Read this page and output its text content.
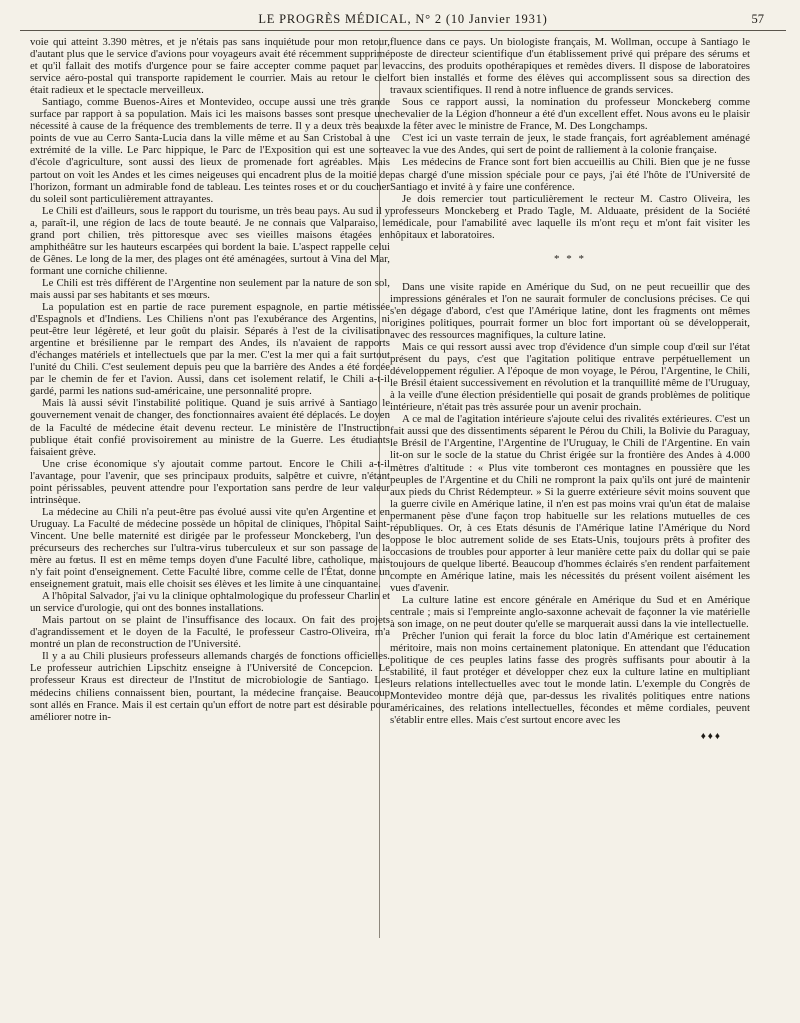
LE PROGRÈS MÉDICAL, N° 2 (10 Janvier 1931)	57

voie qui atteint 3.390 mètres, et je n'étais pas sans inquiétude pour mon retour, d'autant plus que le service d'avions pour voyageurs avait été récemment supprimé et qu'il fallait des motifs d'urgence pour se faire accepter comme paquet par le service aéro-postal qui transporte rapidement le courrier. Mais au retour le ciel était radieux et le spectacle merveilleux.

Santiago, comme Buenos-Aires et Montevideo, occupe aussi une très grande surface par rapport à sa population. Mais ici les maisons basses sont presque une nécessité à cause de la fréquence des tremblements de terre. Il y a deux très beaux points de vue au Cerro Santa-Lucia dans la ville même et au San Cristobal à une extrémité de la ville. Le Parc hippique, le Parc de l'Exposition qui est une sorte d'école d'agriculture, sont aussi des lieux de promenade fort agréables. Mais partout on voit les Andes et les cimes neigeuses qui encadrent plus de la moitié de l'horizon, formant un admirable fond de tableau. Les teintes roses et or du coucher du soleil sont particulièrement attrayantes.

Le Chili est d'ailleurs, sous le rapport du tourisme, un très beau pays. Au sud il y a, paraît-il, une région de lacs de toute beauté. Je ne connais que Valparaiso, le grand port chilien, très pittoresque avec ses vieilles maisons étagées en amphithéâtre sur les hauteurs escarpées qui bordent la baie. L'aspect rappelle celui de Gênes. Le long de la mer, des plages ont été aménagées, surtout à Vina del Mar, formant une corniche chilienne.

Le Chili est très différent de l'Argentine non seulement par la nature de son sol, mais aussi par ses habitants et ses mœurs.

La population est en partie de race purement espagnole, en partie métissée d'Espagnols et d'Indiens. Les Chiliens n'ont pas l'exubérance des Argentins, ni peut-être leur légèreté, et leur goût du plaisir. Séparés à l'est de la civilisation argentine et brésilienne par le rempart des Andes, ils n'avaient de rapports d'échanges matériels et intellectuels que par la mer. C'est la mer qui a fait surtout l'unité du Chili. C'est seulement depuis peu que la barrière des Andes a été forcée par le chemin de fer et l'avion. Aussi, dans cet isolement relatif, le Chili a-t-il gardé, parmi les nations sud-américaine, une personnalité propre.

Mais là aussi sévit l'instabilité politique. Quand je suis arrivé à Santiago le gouvernement venait de changer, des fonctionnaires avaient été déplacés. Le doyen de la Faculté de médecine était devenu recteur. Le ministère de l'Instruction publique était confié provisoirement au ministre de la Guerre. Les étudiants faisaient grève.

Une crise économique s'y ajoutait comme partout. Encore le Chili a-t-il l'avantage, pour l'avenir, que ses principaux produits, salpêtre et cuivre, n'étant point périssables, peuvent attendre pour l'exportation sans perdre de leur valeur intrinsèque.

La médecine au Chili n'a peut-être pas évolué aussi vite qu'en Argentine et en Uruguay. La Faculté de médecine possède un hôpital de cliniques, l'hôpital Saint-Vincent. Une belle maternité est dirigée par le professeur Monckeberg, l'un des précurseurs des recherches sur l'ultra-virus tuberculeux et sur son passage de la mère au fœtus. Il est en même temps doyen d'une Faculté libre, catholique, mais n'y fait point d'enseignement. Cette Faculté libre, comme celle de l'État, donne un enseignement gratuit, mais elle choisit ses élèves et les limite à une cinquantaine.

A l'hôpital Salvador, j'ai vu la clinique ophtalmologique du professeur Charlin et un service d'urologie, qui ont des bonnes installations.

Mais partout on se plaint de l'insuffisance des locaux. On fait des projets d'agrandissement et le doyen de la Faculté, le professeur Castro-Oliveira, m'a montré un plan de reconstruction de l'Université.

Il y a au Chili plusieurs professeurs allemands chargés de fonctions officielles. Le professeur autrichien Lipschitz enseigne à l'Université de Concepcion. Le professeur Kraus est directeur de l'Institut de microbiologie de Santiago. Les médecins chiliens connaissent bien, pourtant, la médecine française. Beaucoup sont allés en France. Mais il est certain qu'un effort de notre part est désirable pour améliorer notre in-

fluence dans ce pays. Un biologiste français, M. Wollman, occupe à Santiago le poste de directeur scientifique d'un établissement privé qui prépare des sérums et vaccins, des produits opothérapiques et remèdes divers. Il dispose de laboratoires fort bien installés et forme des élèves qui accomplissent sous sa direction des travaux scientifiques. Il rend à notre influence de grands services.

Sous ce rapport aussi, la nomination du professeur Monckeberg comme chevalier de la Légion d'honneur a été d'un excellent effet. Nous avons eu le plaisir de la fêter avec le ministre de France, M. Des Longchamps.

C'est ici un vaste terrain de jeux, le stade français, fort agréablement aménagé avec la vue des Andes, qui sert de point de ralliement à la colonie française.

Les médecins de France sont fort bien accueillis au Chili. Bien que je ne fusse pas chargé d'une mission spéciale pour ce pays, j'ai été l'hôte de l'Université de Santiago et invité à y faire une conférence.

Je dois remercier tout particulièrement le recteur M. Castro Oliveira, les professeurs Monckeberg et Prado Tagle, M. Alduaate, président de la Société médicale, pour l'amabilité avec laquelle ils m'ont reçu et m'ont fait visiter les hôpitaux et laboratoires.

* * *

Dans une visite rapide en Amérique du Sud, on ne peut recueillir que des impressions générales et l'on ne saurait formuler de conclusions précises. Ce qui s'en dégage d'abord, c'est que l'Amérique latine, dont les fragments ont mêmes origines politiques, pourrait former un bloc fort important où se développerait, avec des ressources magnifiques, la culture latine.

Mais ce qui ressort aussi avec trop d'évidence d'un simple coup d'œil sur l'état présent du pays, c'est que l'agitation politique entrave perpétuellement un développement régulier. A l'époque de mon voyage, le Pérou, l'Argentine, le Chili, le Brésil étaient successivement en révolution et la tranquillité même de l'Uruguay, à la veille d'une élection présidentielle qui posait de grands problèmes de politique intérieure, n'était pas très assurée pour un avenir prochain.

A ce mal de l'agitation intérieure s'ajoute celui des rivalités extérieures. C'est un fait aussi que des dissentiments séparent le Pérou du Chili, la Bolivie du Paraguay, le Brésil de l'Argentine, l'Argentine de l'Uruguay, le Chili de l'Argentine. En vain lit-on sur le socle de la statue du Christ érigée sur la frontière des Andes à 4.000 mètres d'altitude : « Plus vite tomberont ces montagnes en poussière que les peuples de l'Argentine et du Chili ne rompront la paix qu'ils ont juré de maintenir aux pieds du Christ Rédempteur. » Si la guerre extérieure sévit moins souvent que la guerre civile en Amérique latine, il n'en est pas moins vrai qu'un état de malaise permanent pèse d'une façon trop habituelle sur les relations mutuelles de ces républiques. Or, à ces Etats désunis de l'Amérique latine l'Amérique du Nord oppose le bloc autrement solide de ses Etats-Unis, toujours prêts à profiter des occasions de troubles pour apporter à leur manière cette paix du dollar qui se paie toujours de quelque liberté. Beaucoup d'hommes éclairés s'en rendent parfaitement compte en Amérique latine, mais les nécessités du présent voilent aisément les vues d'avenir.

La culture latine est encore générale en Amérique du Sud et en Amérique centrale ; mais si l'empreinte anglo-saxonne achevait de façonner la vie matérielle à son image, on ne peut douter qu'elle se marquerait aussi dans la vie intellectuelle.

Prêcher l'union qui ferait la force du bloc latin d'Amérique est certainement méritoire, mais non moins certainement platonique. En attendant que l'éducation politique de ces peuples latins fasse des progrès suffisants pour aboutir à la stabilité, il faut protéger et développer chez eux la culture latine en multipliant leurs relations intellectuelles avec tout le monde latin. L'exemple du Congrès de Montevideo montre déjà que, par-dessus les rivalités politiques entre nations américaines, des relations intellectuelles, fécondes et même cordiales, peuvent s'établir entre elles. Mais c'est surtout encore avec les

♦♦♦
